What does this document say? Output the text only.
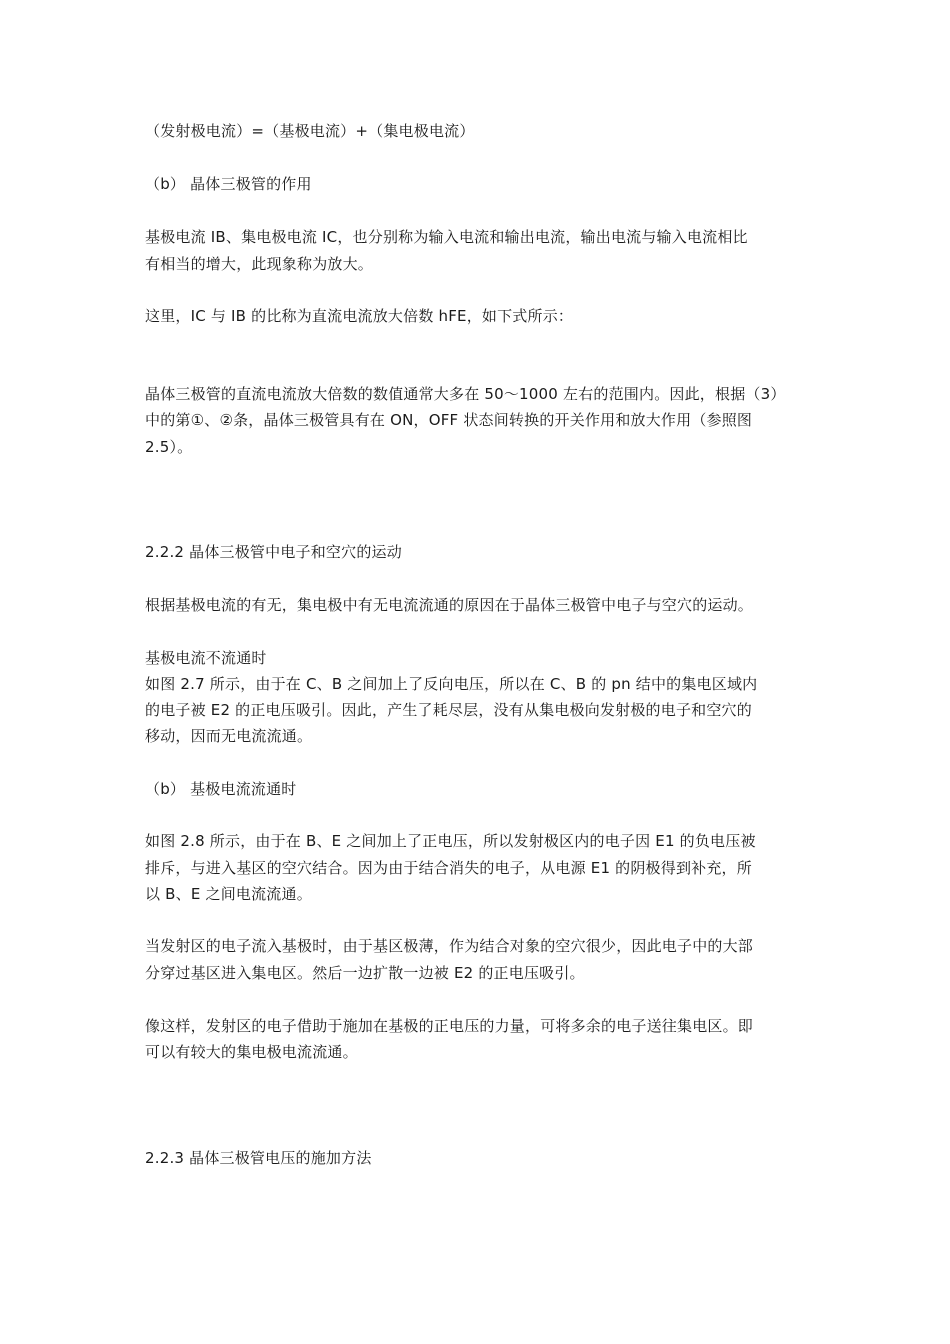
（发射极电流）=（基极电流）+（集电极电流）
（b） 晶体三极管的作用
基极电流 IB、集电极电流 IC，也分别称为输入电流和输出电流，输出电流与输入电流相比
有相当的增大，此现象称为放大。
这里，IC 与 IB 的比称为直流电流放大倍数 hFE，如下式所示：
晶体三极管的直流电流放大倍数的数值通常大多在 50～1000 左右的范围内。因此，根据（3）
中的第①、②条，晶体三极管具有在 ON，OFF 状态间转换的开关作用和放大作用（参照图
2.5）。
2.2.2 晶体三极管中电子和空穴的运动
根据基极电流的有无，集电极中有无电流流通的原因在于晶体三极管中电子与空穴的运动。
基极电流不流通时
如图 2.7 所示，由于在 C、B 之间加上了反向电压，所以在 C、B 的 pn 结中的集电区域内
的电子被 E2 的正电压吸引。因此，产生了耗尽层，没有从集电极向发射极的电子和空穴的
移动，因而无电流流通。
（b） 基极电流流通时
如图 2.8 所示，由于在 B、E 之间加上了正电压，所以发射极区内的电子因 E1 的负电压被
排斥，与进入基区的空穴结合。因为由于结合消失的电子，从电源 E1 的阴极得到补充，所
以 B、E 之间电流流通。
当发射区的电子流入基极时，由于基区极薄，作为结合对象的空穴很少，因此电子中的大部
分穿过基区进入集电区。然后一边扩散一边被 E2 的正电压吸引。
像这样，发射区的电子借助于施加在基极的正电压的力量，可将多余的电子送往集电区。即
可以有较大的集电极电流流通。
2.2.3 晶体三极管电压的施加方法
